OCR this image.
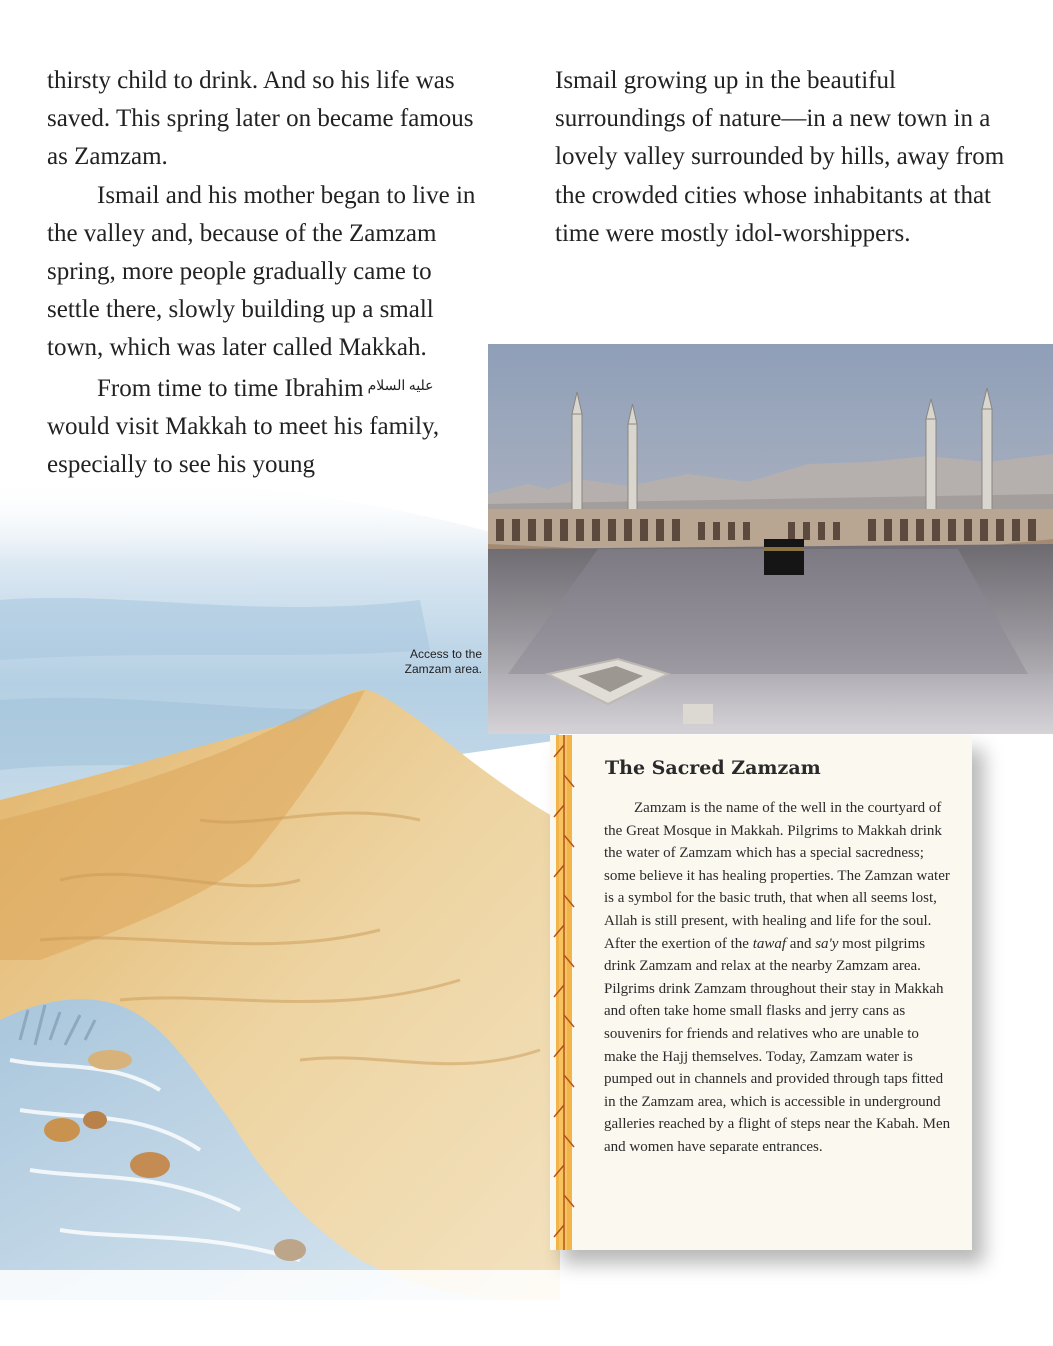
thirsty child to drink. And so his life was saved. This spring later on became famous as Zamzam.

Ismail and his mother began to live in the valley and, because of the Zamzam spring, more people gradually came to settle there, slowly building up a small town, which was later called Makkah.

From time to time Ibrahim $^{عليه السلام}$ would visit Makkah to meet his family, especially to see his young

Ismail growing up in the beautiful surroundings of nature—in a new town in a lovely valley surrounded by hills, away from the crowded cities whose inhabitants at that time were mostly idol-worshippers.

Access to the Zamzam area.
The Sacred Zamzam

Zamzam is the name of the well in the courtyard of the Great Mosque in Makkah. Pilgrims to Makkah drink the water of Zamzam which has a special sacredness; some believe it has healing properties. The Zamzan water is a symbol for the basic truth, that when all seems lost, Allah is still present, with healing and life for the soul. After the exertion of the tawaf and sa'y most pilgrims drink Zamzam and relax at the nearby Zamzam area. Pilgrims drink Zamzam throughout their stay in Makkah and often take home small flasks and jerry cans as souvenirs for friends and relatives who are unable to make the Hajj themselves. Today, Zamzam water is pumped out in channels and provided through taps fitted in the Zamzam area, which is accessible in underground galleries reached by a flight of steps near the Kabah. Men and women have separate entrances.
